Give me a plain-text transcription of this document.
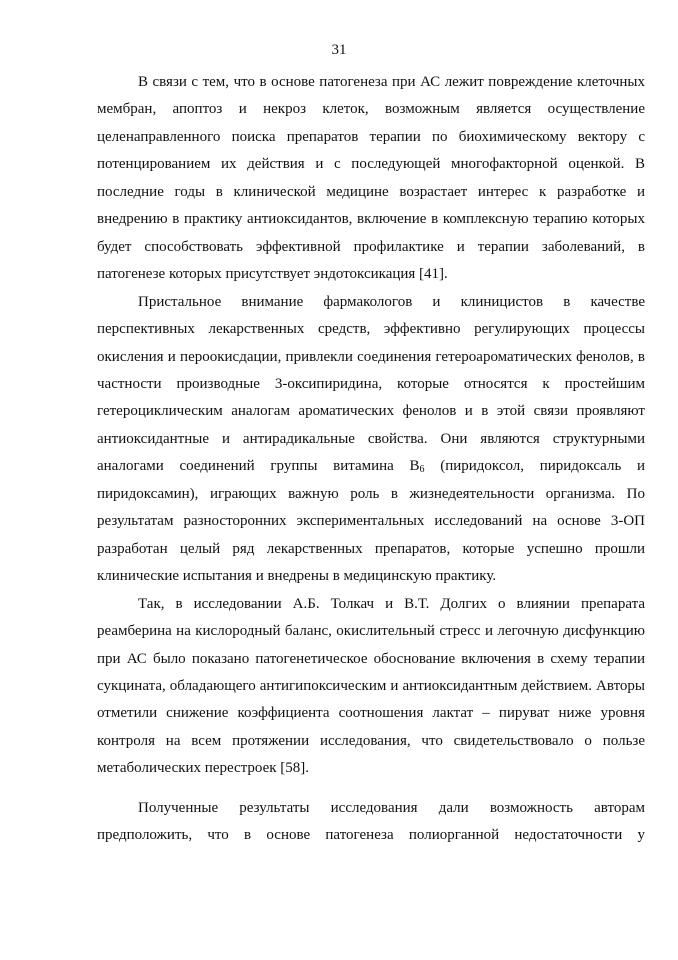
31

В связи с тем, что в основе патогенеза при АС лежит повреждение клеточных мембран, апоптоз и некроз клеток, возможным является осуществление целенаправленного поиска препаратов терапии по биохимическому вектору с потенцированием их действия и с последующей многофакторной оценкой. В последние годы в клинической медицине возрастает интерес к разработке и внедрению в практику антиоксидантов, включение в комплексную терапию которых будет способствовать эффективной профилактике и терапии заболеваний, в патогенезе которых присутствует эндотоксикация [41].

Пристальное внимание фармакологов и клиницистов в качестве перспективных лекарственных средств, эффективно регулирующих процессы окисления и пероокисдации, привлекли соединения гетероароматических фенолов, в частности производные 3-оксипиридина, которые относятся к простейшим гетероциклическим аналогам ароматических фенолов и в этой связи проявляют антиоксидантные и антирадикальные свойства. Они являются структурными аналогами соединений группы витамина $В_6$ (пиридоксол, пиридоксаль и пиридоксамин), играющих важную роль в жизнедеятельности организма. По результатам разносторонних экспериментальных исследований на основе 3-ОП разработан целый ряд лекарственных препаратов, которые успешно прошли клинические испытания и внедрены в медицинскую практику.

Так, в исследовании А.Б. Толкач и В.Т. Долгих о влиянии препарата реамберина на кислородный баланс, окислительный стресс и легочную дисфункцию при АС было показано патогенетическое обоснование включения в схему терапии сукцината, обладающего антигипоксическим и антиоксидантным действием. Авторы отметили снижение коэффициента соотношения лактат – пируват ниже уровня контроля на всем протяжении исследования, что свидетельствовало о пользе метаболических перестроек [58].

Полученные результаты исследования дали возможность авторам предположить, что в основе патогенеза полиорганной недостаточности у
